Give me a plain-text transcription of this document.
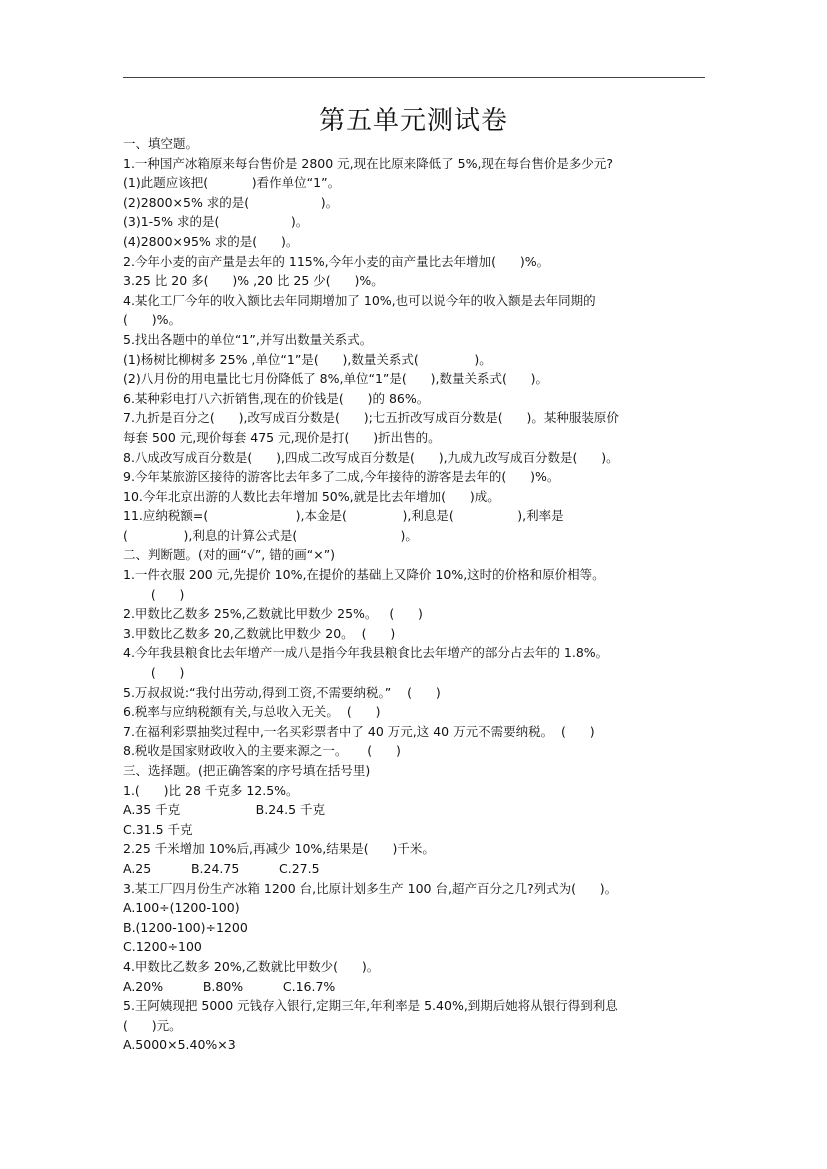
第五单元测试卷
一、填空题。
1.一种国产冰箱原来每台售价是 2800 元,现在比原来降低了 5%,现在每台售价是多少元?
(1)此题应该把(           )看作单位“1”。
(2)2800×5% 求的是(                  )。
(3)1-5% 求的是(                  )。
(4)2800×95% 求的是(      )。
2.今年小麦的亩产量是去年的 115%,今年小麦的亩产量比去年增加(      )%。
3.25 比 20 多(      )% ,20 比 25 少(      )%。
4.某化工厂今年的收入额比去年同期增加了 10%,也可以说今年的收入额是去年同期的
(      )%。
5.找出各题中的单位“1”,并写出数量关系式。
(1)杨树比柳树多 25% ,单位“1”是(      ),数量关系式(              )。
(2)八月份的用电量比七月份降低了 8%,单位“1”是(      ),数量关系式(      )。
6.某种彩电打八六折销售,现在的价钱是(      )的 86%。
7.九折是百分之(      ),改写成百分数是(      );七五折改写成百分数是(      )。某种服装原价
每套 500 元,现价每套 475 元,现价是打(      )折出售的。
8.八成改写成百分数是(      ),四成二改写成百分数是(      ),九成九改写成百分数是(      )。
9.今年某旅游区接待的游客比去年多了二成,今年接待的游客是去年的(      )%。
10.今年北京出游的人数比去年增加 50%,就是比去年增加(      )成。
11.应纳税额=(                      ),本金是(              ),利息是(                ),利率是
(              ),利息的计算公式是(                          )。
二、判断题。(对的画“√”, 错的画“×”)
1.一件衣服 200 元,先提价 10%,在提价的基础上又降价 10%,这时的价格和原价相等。
(      )
2.甲数比乙数多 25%,乙数就比甲数少 25%。   (      )
3.甲数比乙数多 20,乙数就比甲数少 20。  (      )
4.今年我县粮食比去年增产一成八是指今年我县粮食比去年增产的部分占去年的 1.8%。
(      )
5.万叔叔说:“我付出劳动,得到工资,不需要纳税。”    (      )
6.税率与应纳税额有关,与总收入无关。  (      )
7.在福利彩票抽奖过程中,一名买彩票者中了 40 万元,这 40 万元不需要纳税。  (      )
8.税收是国家财政收入的主要来源之一。     (      )
三、选择题。(把正确答案的序号填在括号里)
1.(      )比 28 千克多 12.5%。
A.35 千克                   B.24.5 千克
C.31.5 千克
2.25 千米增加 10%后,再减少 10%,结果是(      )千米。
A.25          B.24.75          C.27.5
3.某工厂四月份生产冰箱 1200 台,比原计划多生产 100 台,超产百分之几?列式为(      )。
A.100÷(1200-100)
B.(1200-100)÷1200
C.1200÷100
4.甲数比乙数多 20%,乙数就比甲数少(      )。
A.20%          B.80%          C.16.7%
5.王阿姨现把 5000 元钱存入银行,定期三年,年利率是 5.40%,到期后她将从银行得到利息
(      )元。
A.5000×5.40%×3
